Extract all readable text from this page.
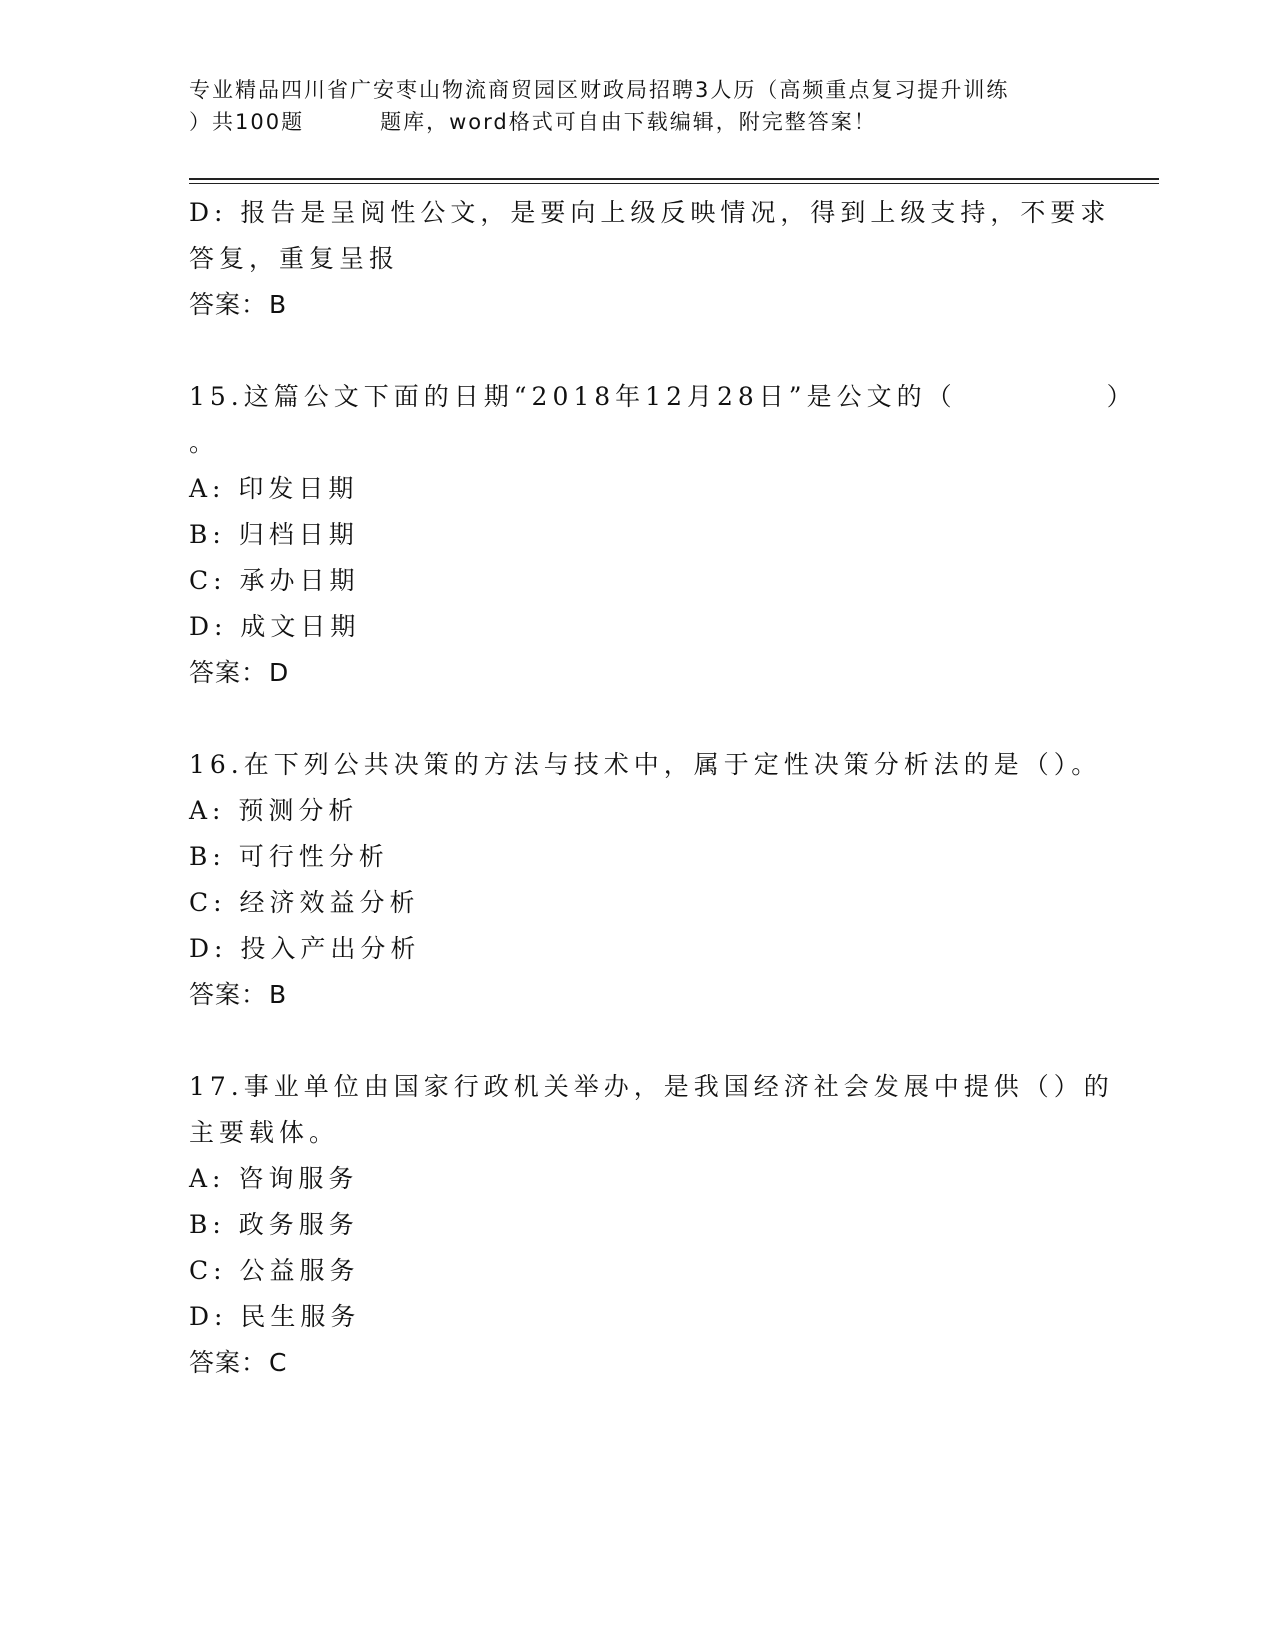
专业精品四川省广安枣山物流商贸园区财政局招聘3人历（高频重点复习提升训练
）共100题	题库，word格式可自由下载编辑，附完整答案！

D: 报告是呈阅性公文，是要向上级反映情况，得到上级支持，不要求

答复，重复呈报

答案：B

15.这篇公文下面的日期“2018年12月28日”是公文的（　　　　　）

。

A: 印发日期

B: 归档日期

C: 承办日期

D: 成文日期

答案：D

16.在下列公共决策的方法与技术中，属于定性决策分析法的是（）。

A: 预测分析

B: 可行性分析

C: 经济效益分析

D: 投入产出分析

答案：B

17.事业单位由国家行政机关举办，是我国经济社会发展中提供（）的

主要载体。

A: 咨询服务

B: 政务服务

C: 公益服务

D: 民生服务

答案：C
